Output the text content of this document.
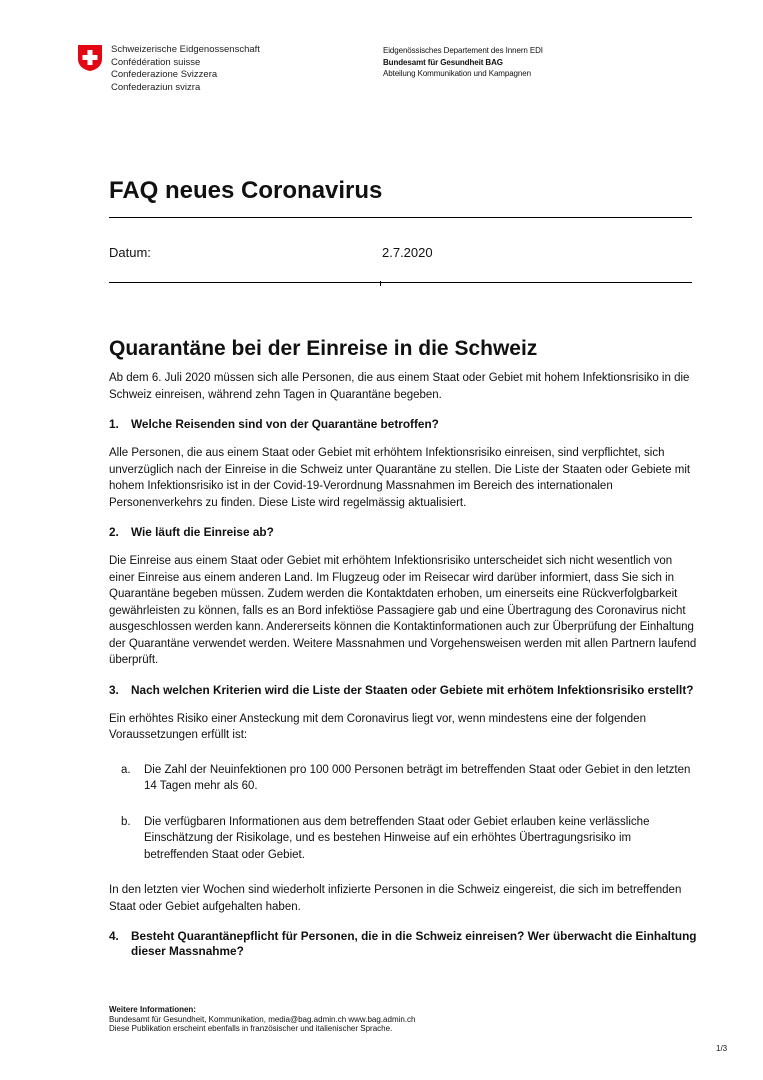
Schweizerische Eidgenossenschaft
Confédération suisse
Confederazione Svizzera
Confederaziun svizra
Eidgenössisches Departement des Innern EDI
Bundesamt für Gesundheit BAG
Abteilung Kommunikation und Kampagnen
FAQ neues Coronavirus
Datum:	2.7.2020
Quarantäne bei der Einreise in die Schweiz

Ab dem 6. Juli 2020 müssen sich alle Personen, die aus einem Staat oder Gebiet mit hohem Infektionsrisiko in die Schweiz einreisen, während zehn Tagen in Quarantäne begeben.

1.	Welche Reisenden sind von der Quarantäne betroffen?

Alle Personen, die aus einem Staat oder Gebiet mit erhöhtem Infektionsrisiko einreisen, sind verpflichtet, sich unverzüglich nach der Einreise in die Schweiz unter Quarantäne zu stellen. Die Liste der Staaten oder Gebiete mit hohem Infektionsrisiko ist in der Covid-19-Verordnung Massnahmen im Bereich des internationalen Personenverkehrs zu finden. Diese Liste wird regelmässig aktualisiert.

2.	Wie läuft die Einreise ab?

Die Einreise aus einem Staat oder Gebiet mit erhöhtem Infektionsrisiko unterscheidet sich nicht wesentlich von einer Einreise aus einem anderen Land. Im Flugzeug oder im Reisecar wird darüber informiert, dass Sie sich in Quarantäne begeben müssen. Zudem werden die Kontaktdaten erhoben, um einerseits eine Rückverfolgbarkeit gewährleisten zu können, falls es an Bord infektiöse Passagiere gab und eine Übertragung des Coronavirus nicht ausgeschlossen werden kann. Andererseits können die Kontaktinformationen auch zur Überprüfung der Einhaltung der Quarantäne verwendet werden. Weitere Massnahmen und Vorgehensweisen werden mit allen Partnern laufend überprüft.

3.	Nach welchen Kriterien wird die Liste der Staaten oder Gebiete mit erhötem Infektionsrisiko erstellt?

Ein erhöhtes Risiko einer Ansteckung mit dem Coronavirus liegt vor, wenn mindestens eine der folgenden Voraussetzungen erfüllt ist:

a.	Die Zahl der Neuinfektionen pro 100 000 Personen beträgt im betreffenden Staat oder Gebiet in den letzten 14 Tagen mehr als 60.
b.	Die verfügbaren Informationen aus dem betreffenden Staat oder Gebiet erlauben keine verlässliche Einschätzung der Risikolage, und es bestehen Hinweise auf ein erhöhtes Übertragungsrisiko im betreffenden Staat oder Gebiet.

In den letzten vier Wochen sind wiederholt infizierte Personen in die Schweiz eingereist, die sich im betreffenden Staat oder Gebiet aufgehalten haben.

4.	Besteht Quarantänepflicht für Personen, die in die Schweiz einreisen? Wer überwacht die Einhaltung dieser Massnahme?
Weitere Informationen:
Bundesamt für Gesundheit, Kommunikation, media@bag.admin.ch www.bag.admin.ch
Diese Publikation erscheint ebenfalls in französischer und italienischer Sprache.
1/3
